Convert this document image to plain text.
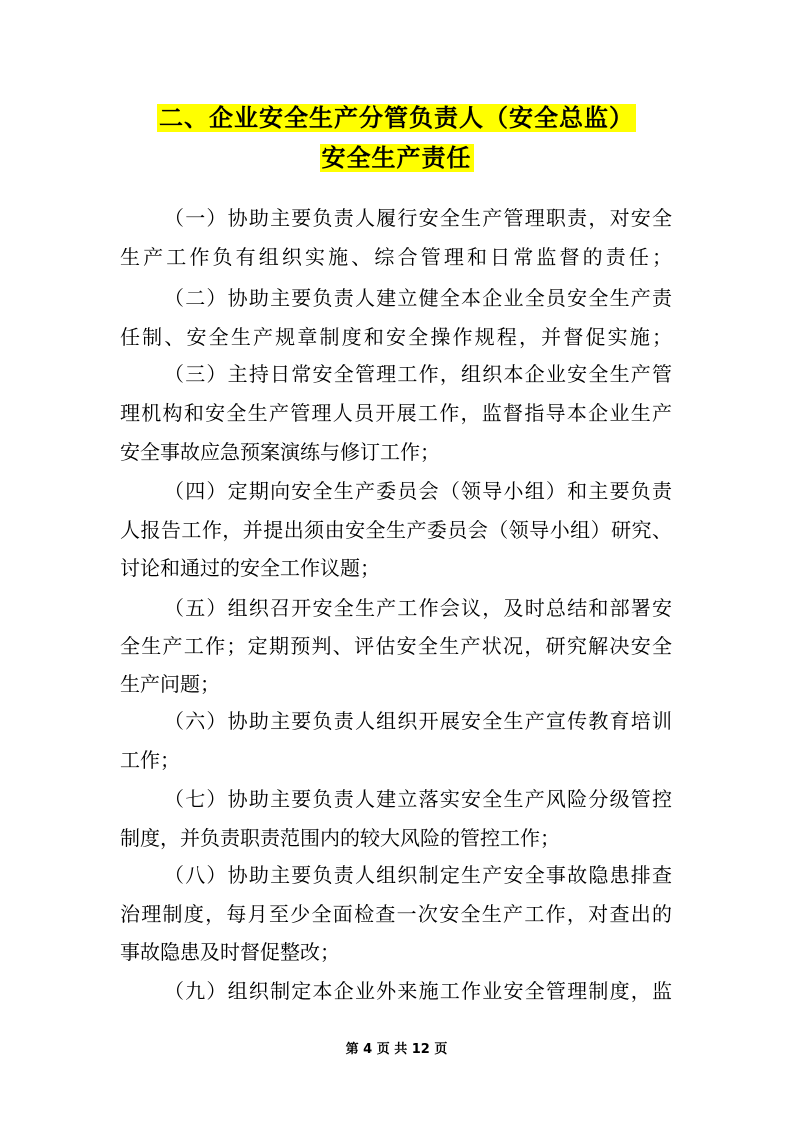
二、企业安全生产分管负责人（安全总监）
安全生产责任
（一）协助主要负责人履行安全生产管理职责，对安全
生产工作负有组织实施、综合管理和日常监督的责任；
（二）协助主要负责人建立健全本企业全员安全生产责
任制、安全生产规章制度和安全操作规程，并督促实施；
（三）主持日常安全管理工作，组织本企业安全生产管
理机构和安全生产管理人员开展工作，监督指导本企业生产
安全事故应急预案演练与修订工作；
（四）定期向安全生产委员会（领导小组）和主要负责
人报告工作，并提出须由安全生产委员会（领导小组）研究、
讨论和通过的安全工作议题；
（五）组织召开安全生产工作会议，及时总结和部署安
全生产工作；定期预判、评估安全生产状况，研究解决安全
生产问题；
（六）协助主要负责人组织开展安全生产宣传教育培训
工作；
（七）协助主要负责人建立落实安全生产风险分级管控
制度，并负责职责范围内的较大风险的管控工作；
（八）协助主要负责人组织制定生产安全事故隐患排查
治理制度，每月至少全面检查一次安全生产工作，对查出的
事故隐患及时督促整改；
（九）组织制定本企业外来施工作业安全管理制度，监
第 4 页 共 12 页
